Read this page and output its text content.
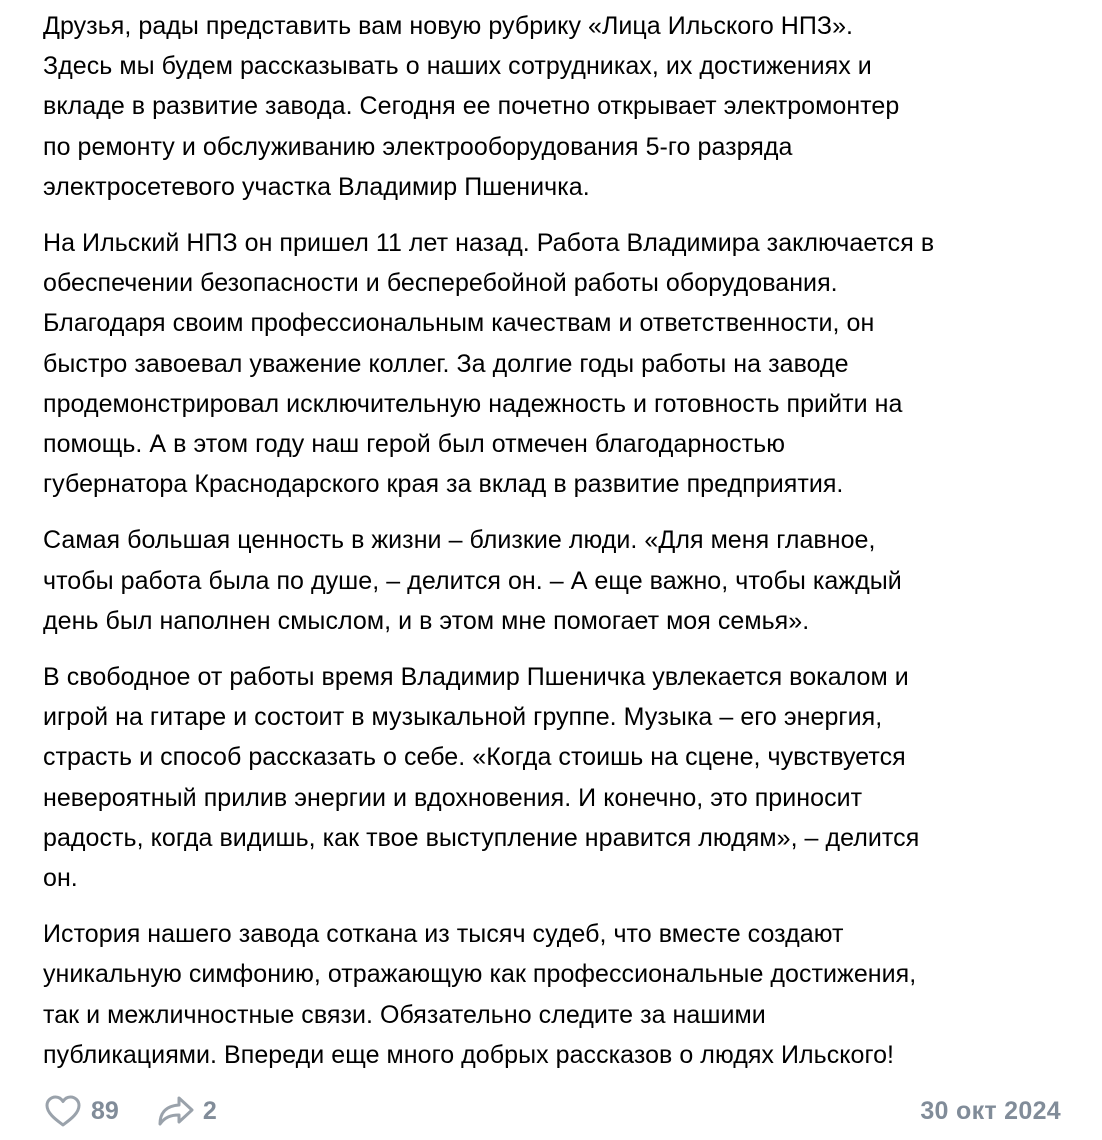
Друзья, рады представить вам новую рубрику «Лица Ильского НПЗ».
Здесь мы будем рассказывать о наших сотрудниках, их достижениях и
вкладе в развитие завода. Сегодня ее почетно открывает электромонтер
по ремонту и обслуживанию электрооборудования 5-го разряда
электросетевого участка Владимир Пшеничка.

На Ильский НПЗ он пришел 11 лет назад. Работа Владимира заключается в
обеспечении безопасности и бесперебойной работы оборудования.
Благодаря своим профессиональным качествам и ответственности, он
быстро завоевал уважение коллег. За долгие годы работы на заводе
продемонстрировал исключительную надежность и готовность прийти на
помощь. А в этом году наш герой был отмечен благодарностью
губернатора Краснодарского края за вклад в развитие предприятия.

Самая большая ценность в жизни – близкие люди. «Для меня главное,
чтобы работа была по душе, – делится он. – А еще важно, чтобы каждый
день был наполнен смыслом, и в этом мне помогает моя семья».

В свободное от работы время Владимир Пшеничка увлекается вокалом и
игрой на гитаре и состоит в музыкальной группе. Музыка – его энергия,
страсть и способ рассказать о себе. «Когда стоишь на сцене, чувствуется
невероятный прилив энергии и вдохновения. И конечно, это приносит
радость, когда видишь, как твое выступление нравится людям», – делится
он.

История нашего завода соткана из тысяч судеб, что вместе создают
уникальную симфонию, отражающую как профессиональные достижения,
так и межличностные связи. Обязательно следите за нашими
публикациями. Впереди еще много добрых рассказов о людях Ильского!

89	2	30 окт 2024
